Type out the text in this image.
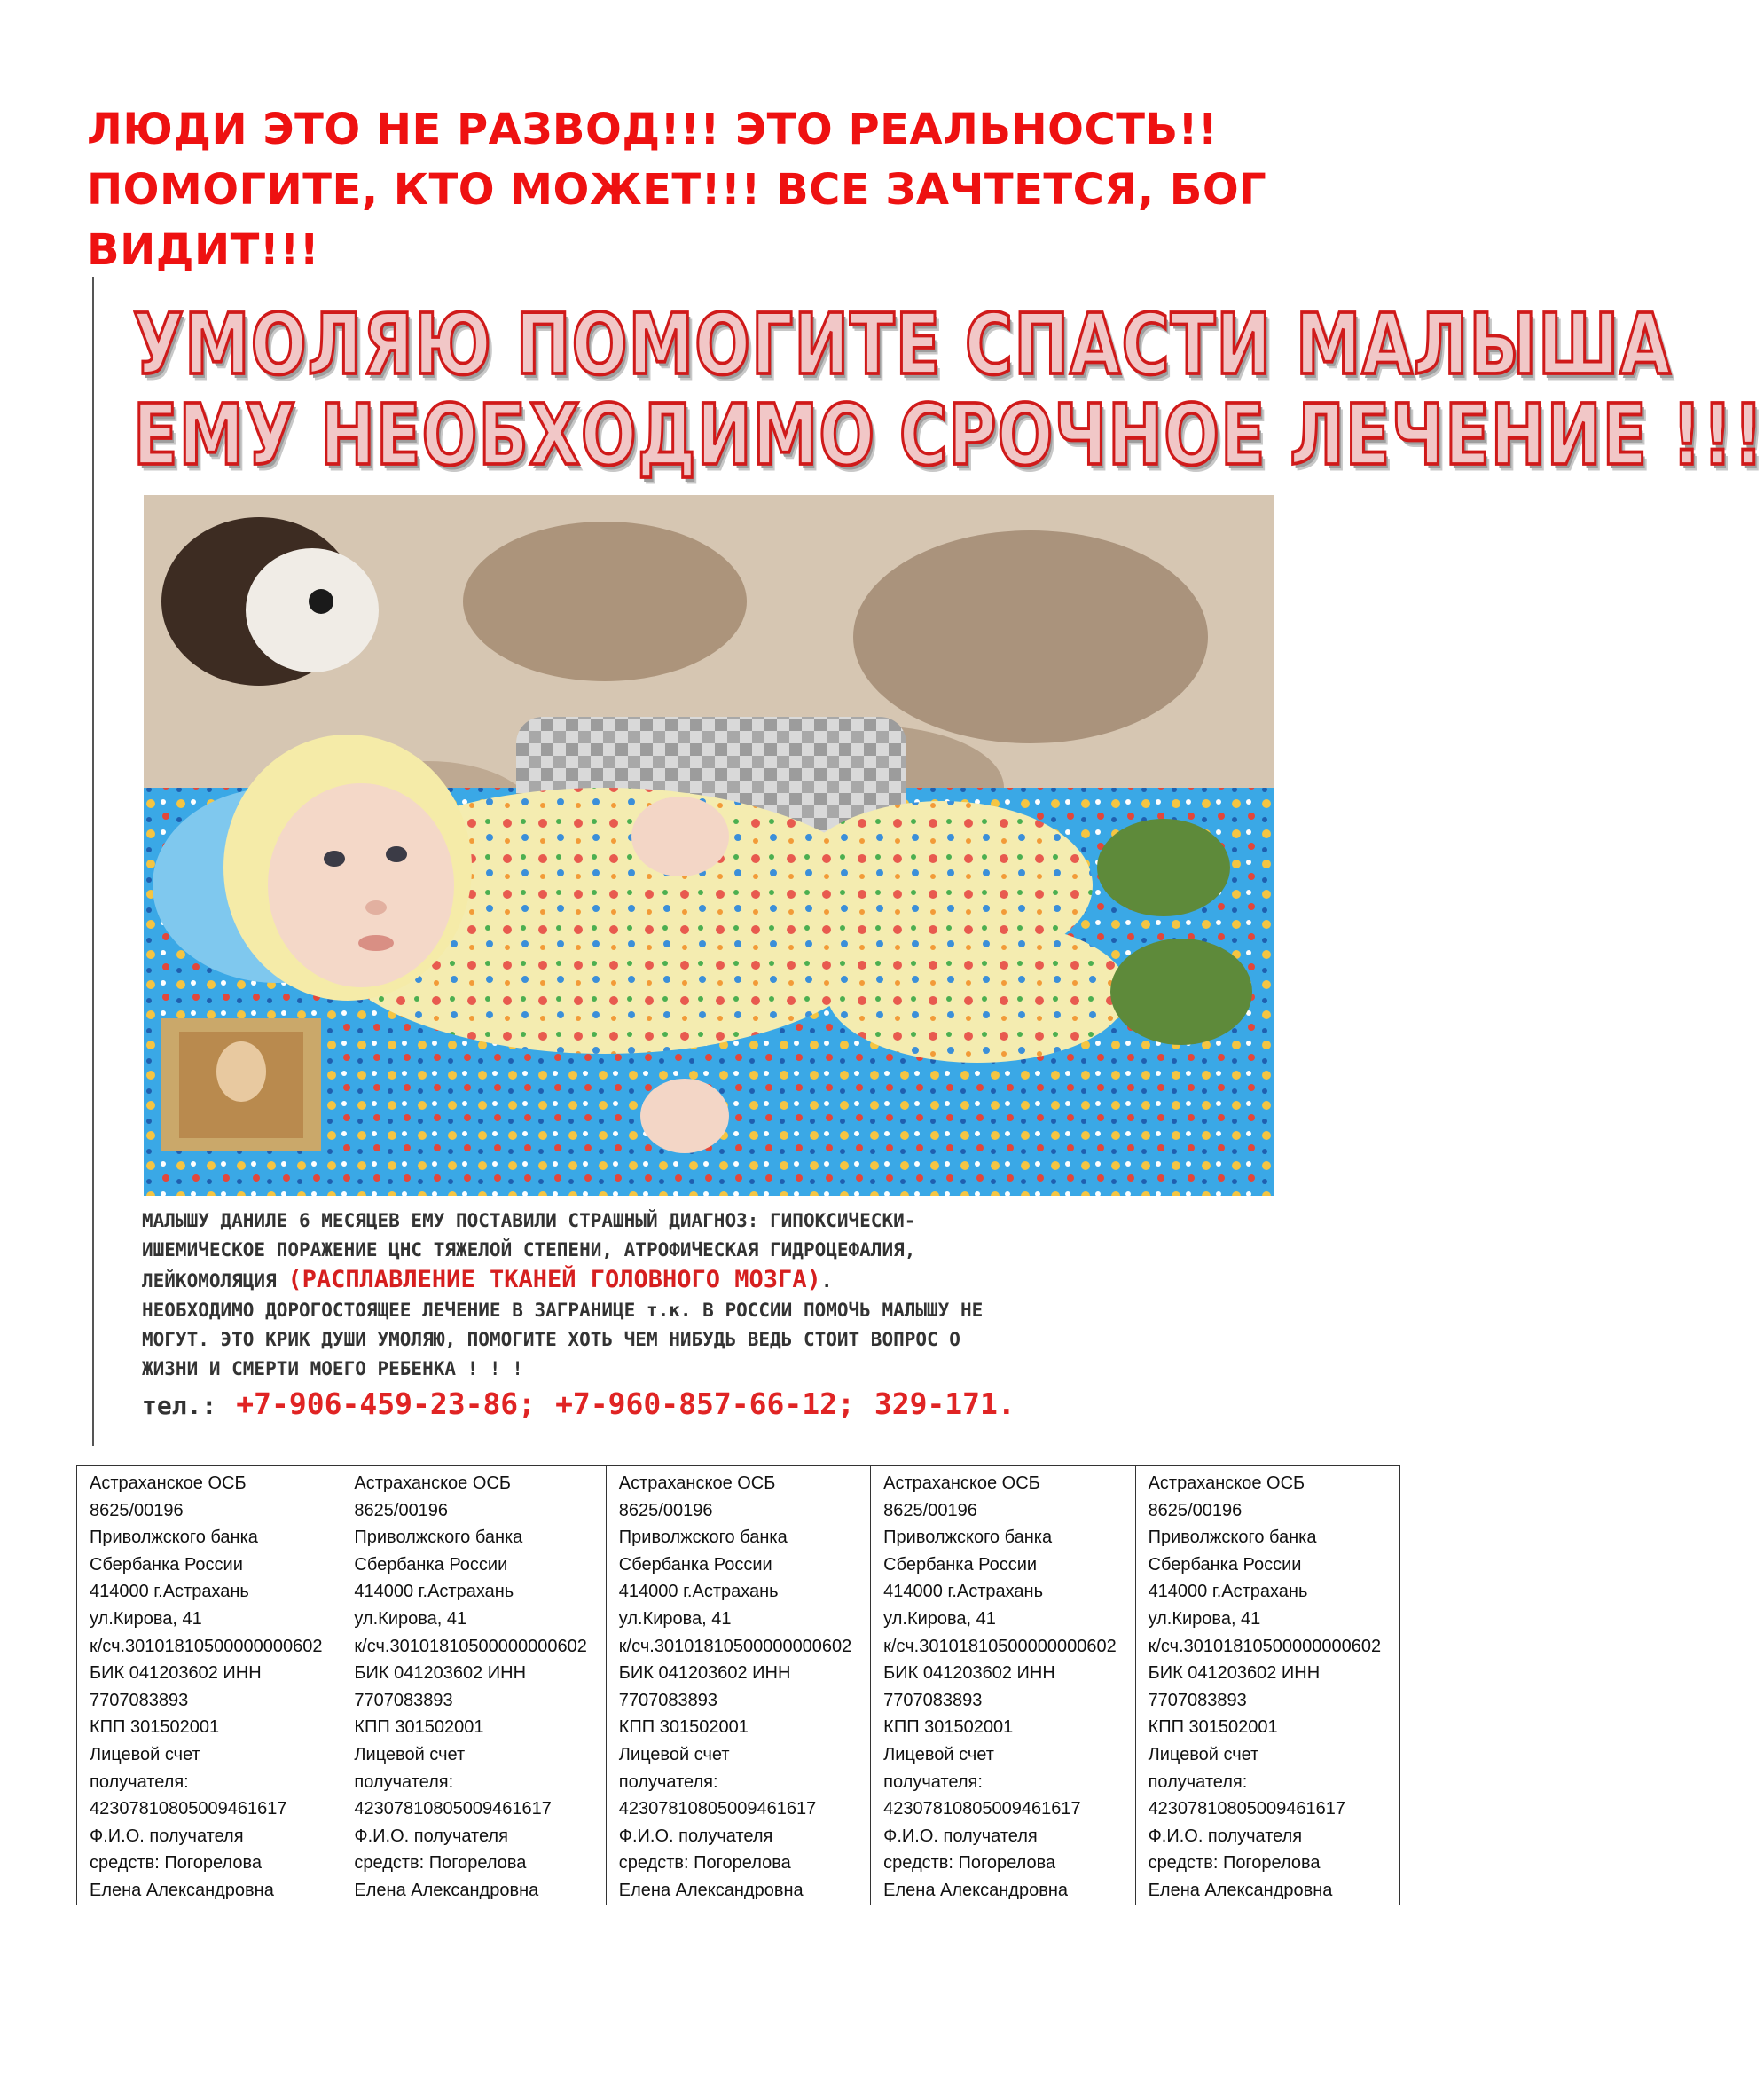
ЛЮДИ ЭТО НЕ РАЗВОД!!! ЭТО РЕАЛЬНОСТЬ!!
ПОМОГИТЕ, КТО МОЖЕТ!!! ВСЕ ЗАЧТЕТСЯ, БОГ
ВИДИТ!!!
УМОЛЯЮ ПОМОГИТЕ СПАСТИ МАЛЫША
ЕМУ НЕОБХОДИМО СРОЧНОЕ ЛЕЧЕНИЕ !!!
МАЛЫШУ ДАНИЛЕ 6 МЕСЯЦЕВ ЕМУ ПОСТАВИЛИ СТРАШНЫЙ ДИАГНОЗ: ГИПОКСИЧЕСКИ-
ИШЕМИЧЕСКОЕ ПОРАЖЕНИЕ ЦНС ТЯЖЕЛОЙ СТЕПЕНИ, АТРОФИЧЕСКАЯ ГИДРОЦЕФАЛИЯ,
ЛЕЙКОМОЛЯЦИЯ (РАСПЛАВЛЕНИЕ ТКАНЕЙ ГОЛОВНОГО МОЗГА).
НЕОБХОДИМО ДОРОГОСТОЯЩЕЕ ЛЕЧЕНИЕ В ЗАГРАНИЦЕ т.к. В РОССИИ ПОМОЧЬ МАЛЫШУ НЕ
МОГУТ. ЭТО КРИК ДУШИ УМОЛЯЮ, ПОМОГИТЕ ХОТЬ ЧЕМ НИБУДЬ ВЕДЬ СТОИТ ВОПРОС О
ЖИЗНИ И СМЕРТИ МОЕГО РЕБЕНКА ! ! !
тел.: +7-906-459-23-86; +7-960-857-66-12; 329-171.
Астраханское ОСБ
8625/00196
Приволжского банка
Сбербанка России
414000 г.Астрахань
ул.Кирова, 41
к/сч.30101810500000000602
БИК 041203602 ИНН
7707083893
КПП 301502001
Лицевой счет
получателя:
42307810805009461617
Ф.И.О. получателя
средств: Погорелова
Елена Александровна

Астраханское ОСБ
8625/00196
Приволжского банка
Сбербанка России
414000 г.Астрахань
ул.Кирова, 41
к/сч.30101810500000000602
БИК 041203602 ИНН
7707083893
КПП 301502001
Лицевой счет
получателя:
42307810805009461617
Ф.И.О. получателя
средств: Погорелова
Елена Александровна

Астраханское ОСБ
8625/00196
Приволжского банка
Сбербанка России
414000 г.Астрахань
ул.Кирова, 41
к/сч.30101810500000000602
БИК 041203602 ИНН
7707083893
КПП 301502001
Лицевой счет
получателя:
42307810805009461617
Ф.И.О. получателя
средств: Погорелова
Елена Александровна

Астраханское ОСБ
8625/00196
Приволжского банка
Сбербанка России
414000 г.Астрахань
ул.Кирова, 41
к/сч.30101810500000000602
БИК 041203602 ИНН
7707083893
КПП 301502001
Лицевой счет
получателя:
42307810805009461617
Ф.И.О. получателя
средств: Погорелова
Елена Александровна

Астраханское ОСБ
8625/00196
Приволжского банка
Сбербанка России
414000 г.Астрахань
ул.Кирова, 41
к/сч.30101810500000000602
БИК 041203602 ИНН
7707083893
КПП 301502001
Лицевой счет
получателя:
42307810805009461617
Ф.И.О. получателя
средств: Погорелова
Елена Александровна
